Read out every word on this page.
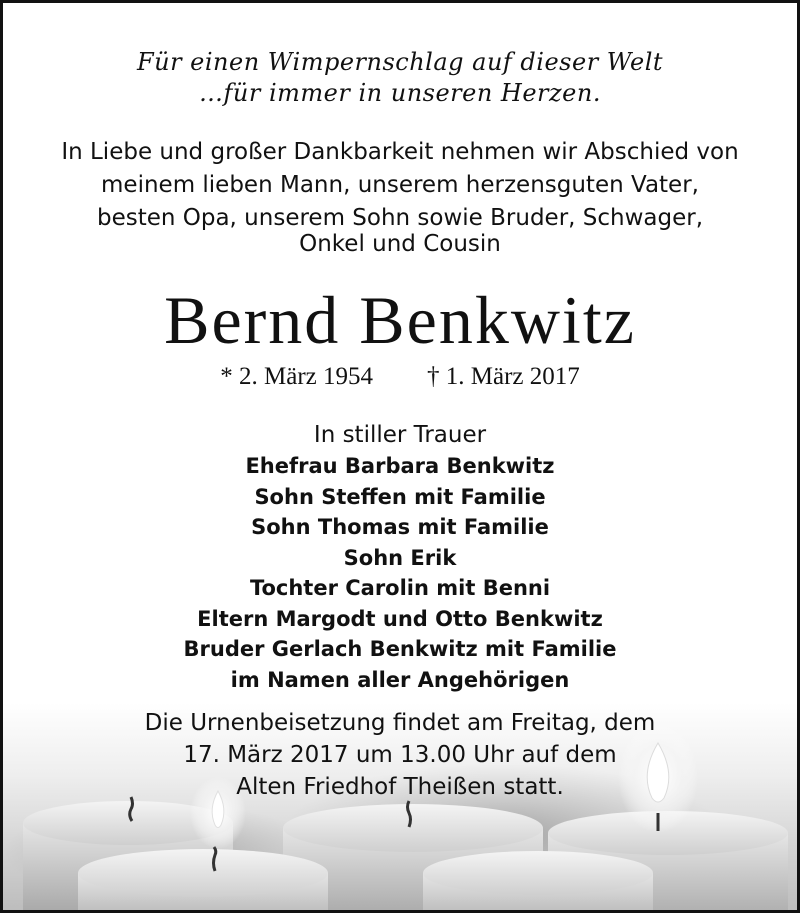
Für einen Wimpernschlag auf dieser Welt
…für immer in unseren Herzen.
In Liebe und großer Dankbarkeit nehmen wir Abschied von
meinem lieben Mann, unserem herzensguten Vater,
besten Opa, unserem Sohn sowie Bruder, Schwager,
Onkel und Cousin
Bernd Benkwitz
* 2. März 1954 † 1. März 2017
In stiller Trauer
Ehefrau Barbara Benkwitz
Sohn Steffen mit Familie
Sohn Thomas mit Familie
Sohn Erik
Tochter Carolin mit Benni
Eltern Margodt und Otto Benkwitz
Bruder Gerlach Benkwitz mit Familie
im Namen aller Angehörigen
Die Urnenbeisetzung findet am Freitag, dem
17. März 2017 um 13.00 Uhr auf dem
Alten Friedhof Theißen statt.
